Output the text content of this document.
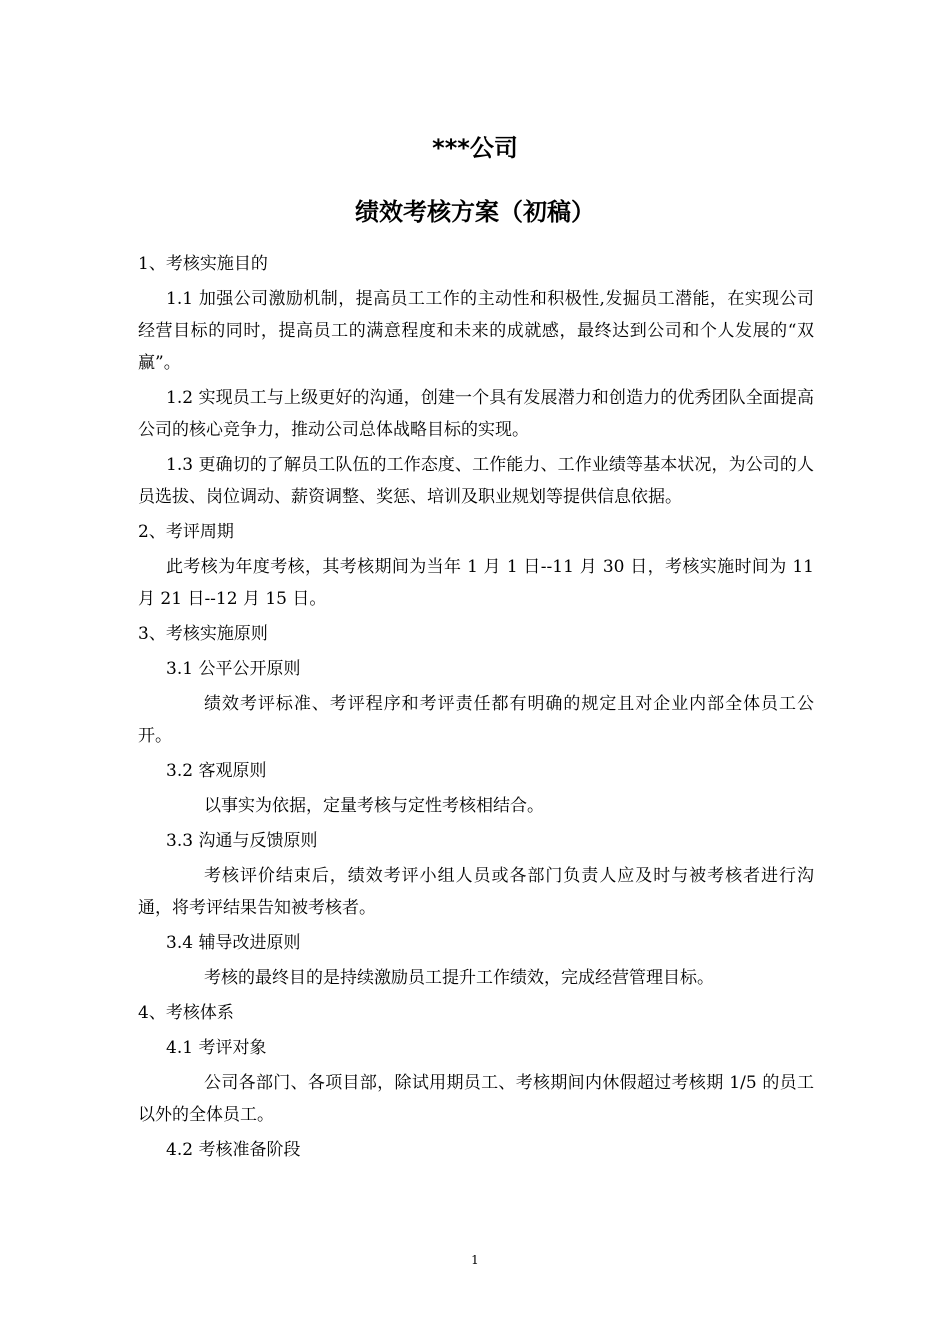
***公司
绩效考核方案（初稿）
1、考核实施目的
1.1 加强公司激励机制，提高员工工作的主动性和积极性,发掘员工潜能，在实现公司经营目标的同时，提高员工的满意程度和未来的成就感，最终达到公司和个人发展的“双赢”。
1.2 实现员工与上级更好的沟通，创建一个具有发展潜力和创造力的优秀团队全面提高公司的核心竞争力，推动公司总体战略目标的实现。
1.3 更确切的了解员工队伍的工作态度、工作能力、工作业绩等基本状况，为公司的人员选拔、岗位调动、薪资调整、奖惩、培训及职业规划等提供信息依据。
2、考评周期
此考核为年度考核，其考核期间为当年 1 月 1 日--11 月 30 日，考核实施时间为 11 月 21 日--12 月 15 日。
3、考核实施原则
3.1 公平公开原则
绩效考评标准、考评程序和考评责任都有明确的规定且对企业内部全体员工公开。
3.2 客观原则
以事实为依据，定量考核与定性考核相结合。
3.3 沟通与反馈原则
考核评价结束后，绩效考评小组人员或各部门负责人应及时与被考核者进行沟通，将考评结果告知被考核者。
3.4 辅导改进原则
考核的最终目的是持续激励员工提升工作绩效，完成经营管理目标。
4、考核体系
4.1 考评对象
公司各部门、各项目部，除试用期员工、考核期间内休假超过考核期 1/5 的员工以外的全体员工。
4.2 考核准备阶段
1
